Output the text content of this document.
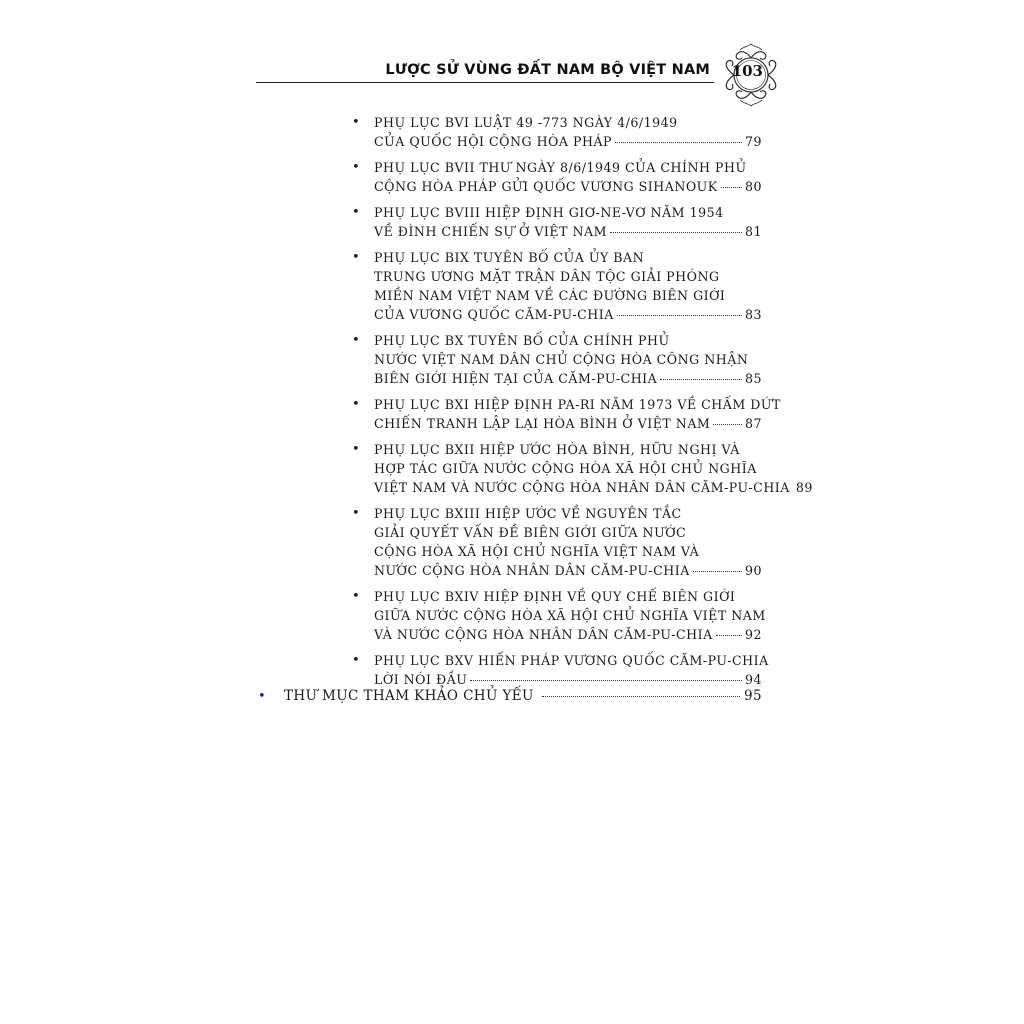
LƯỢC SỬ VÙNG ĐẤT NAM BỘ VIỆT NAM 103
• PHỤ LỤC BVI LUẬT 49 -773 NGÀY 4/6/1949
CỦA QUỐC HỘI CỘNG HÒA PHÁP	79
• PHỤ LỤC BVII THƯ NGÀY 8/6/1949 CỦA CHÍNH PHỦ
CỘNG HÒA PHÁP GỬI QUỐC VƯƠNG SIHANOUK 80
• PHỤ LỤC BVIII HIỆP ĐỊNH GIƠ-NE-VƠ NĂM 1954
VỀ ĐÌNH CHIẾN SỰ Ở VIỆT NAM	81
• PHỤ LỤC BIX TUYÊN BỐ CỦA ỦY BAN
TRUNG ƯƠNG MẶT TRẬN DÂN TỘC GIẢI PHÓNG
MIỀN NAM VIỆT NAM VỀ CÁC ĐƯỜNG BIÊN GIỚI
CỦA VƯƠNG QUỐC CĂM-PU-CHIA	83
• PHỤ LỤC BX TUYÊN BỐ CỦA CHÍNH PHỦ
NƯỚC VIỆT NAM DÂN CHỦ CỘNG HÒA CÔNG NHẬN
BIÊN GIỚI HIỆN TẠI CỦA CĂM-PU-CHIA	85
• PHỤ LỤC BXI HIỆP ĐỊNH PA-RI NĂM 1973 VỀ CHẤM DỨT
CHIẾN TRANH LẬP LẠI HÒA BÌNH Ở VIỆT NAM	87
• PHỤ LỤC BXII HIỆP ƯỚC HÒA BÌNH, HỮU NGHỊ VÀ
HỢP TÁC GIỮA NƯỚC CỘNG HÒA XÃ HỘI CHỦ NGHĨA
VIỆT NAM VÀ NƯỚC CỘNG HÒA NHÂN DÂN CĂM-PU-CHIA 89
• PHỤ LỤC BXIII HIỆP ƯỚC VỀ NGUYÊN TẮC
GIẢI QUYẾT VẤN ĐỀ BIÊN GIỚI GIỮA NƯỚC
CỘNG HÒA XÃ HỘI CHỦ NGHĨA VIỆT NAM VÀ
NƯỚC CỘNG HÒA NHÂN DÂN CĂM-PU-CHIA	90
• PHỤ LỤC BXIV HIỆP ĐỊNH VỀ QUY CHẾ BIÊN GIỚI
GIỮA NƯỚC CỘNG HÒA XÃ HỘI CHỦ NGHĨA VIỆT NAM
VÀ NƯỚC CỘNG HÒA NHÂN DÂN CĂM-PU-CHIA	92
• PHỤ LỤC BXV HIẾN PHÁP VƯƠNG QUỐC CĂM-PU-CHIA
LỜI NÓI ĐẦU	94
•	THƯ MỤC THAM KHẢO CHỦ YẾU	95
